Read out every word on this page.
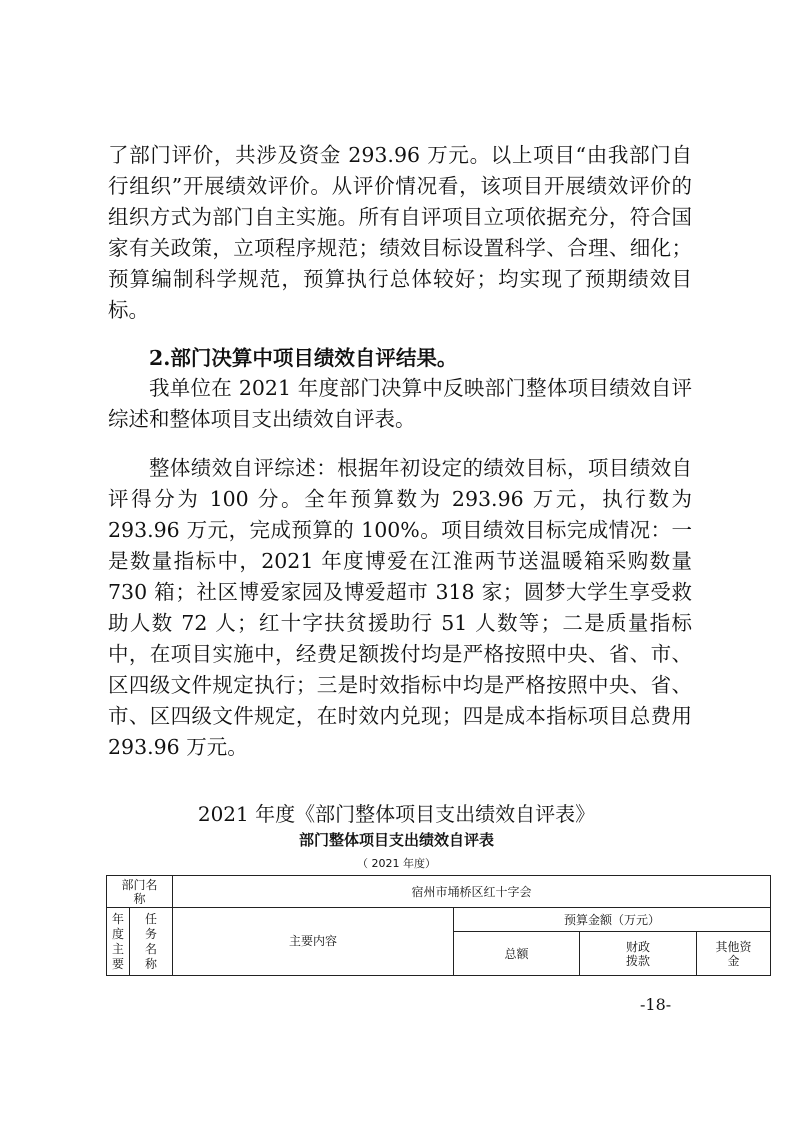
了部门评价，共涉及资金 293.96 万元。以上项目“由我部门自行组织”开展绩效评价。从评价情况看，该项目开展绩效评价的组织方式为部门自主实施。所有自评项目立项依据充分，符合国家有关政策，立项程序规范；绩效目标设置科学、合理、细化；预算编制科学规范，预算执行总体较好；均实现了预期绩效目标。

2.部门决算中项目绩效自评结果。

我单位在 2021 年度部门决算中反映部门整体项目绩效自评综述和整体项目支出绩效自评表。

整体绩效自评综述：根据年初设定的绩效目标，项目绩效自评得分为 100 分。全年预算数为 293.96 万元，执行数为 293.96 万元，完成预算的 100%。项目绩效目标完成情况：一是数量指标中，2021 年度博爱在江淮两节送温暖箱采购数量 730 箱；社区博爱家园及博爱超市 318 家；圆梦大学生享受救助人数 72 人；红十字扶贫援助行 51 人数等；二是质量指标中，在项目实施中，经费足额拨付均是严格按照中央、省、市、区四级文件规定执行；三是时效指标中均是严格按照中央、省、市、区四级文件规定，在时效内兑现；四是成本指标项目总费用 293.96 万元。

2021 年度《部门整体项目支出绩效自评表》

部门整体项目支出绩效自评表

（ 2021 年度）

部门名称		宿州市埇桥区红十字会			

年度主要	任务名称	主要内容	预算金额（万元）		
			总额	财政拨款	其他资金

-18-
